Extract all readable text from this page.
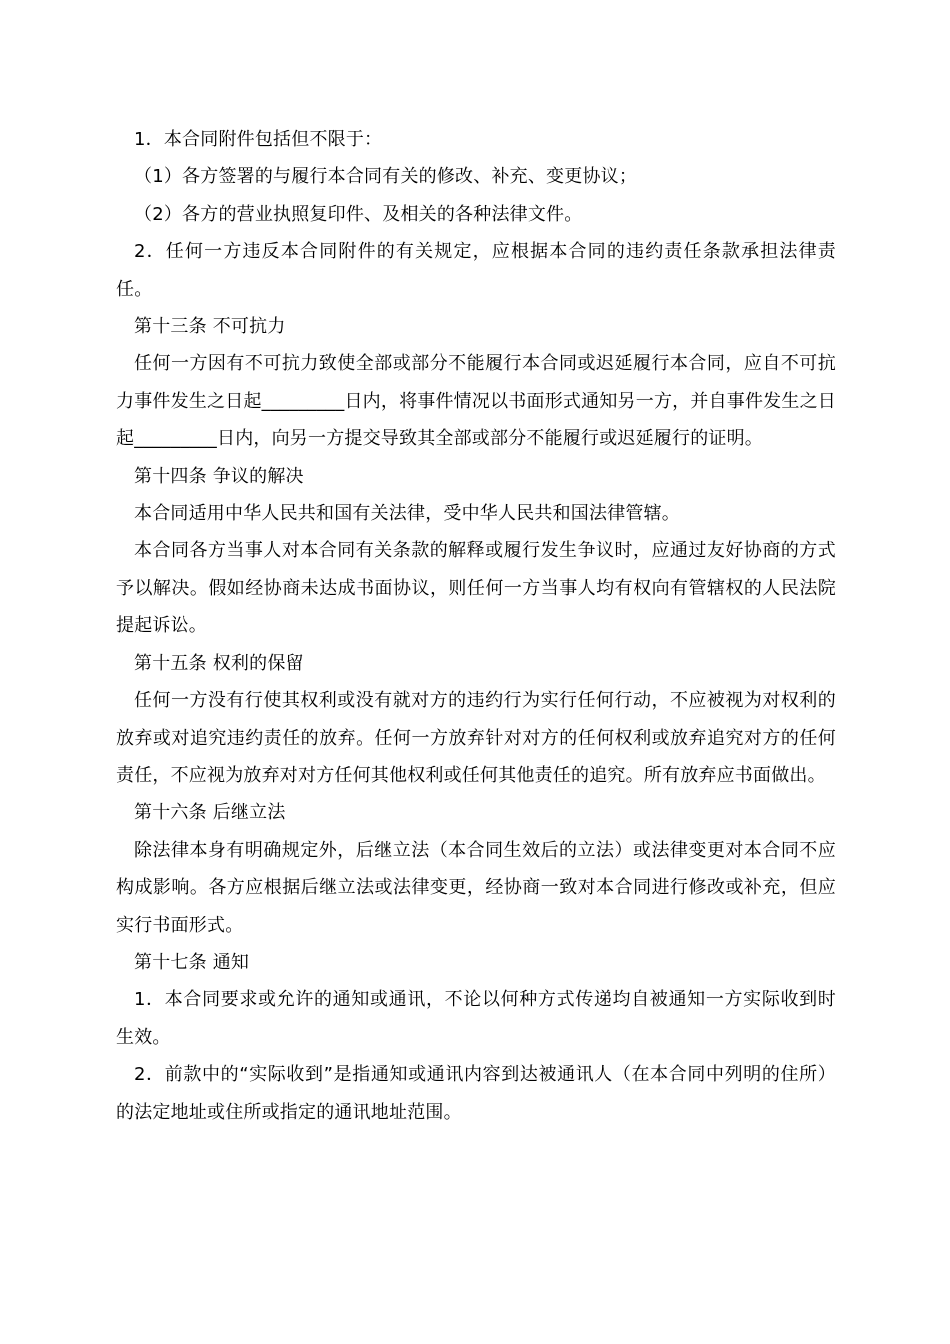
1．本合同附件包括但不限于：

（1）各方签署的与履行本合同有关的修改、补充、变更协议；

（2）各方的营业执照复印件、及相关的各种法律文件。

2．任何一方违反本合同附件的有关规定，应根据本合同的违约责任条款承担法律责任。

第十三条 不可抗力

任何一方因有不可抗力致使全部或部分不能履行本合同或迟延履行本合同，应自不可抗力事件发生之日起_________日内，将事件情况以书面形式通知另一方，并自事件发生之日起_________日内，向另一方提交导致其全部或部分不能履行或迟延履行的证明。

第十四条 争议的解决

本合同适用中华人民共和国有关法律，受中华人民共和国法律管辖。

本合同各方当事人对本合同有关条款的解释或履行发生争议时，应通过友好协商的方式予以解决。假如经协商未达成书面协议，则任何一方当事人均有权向有管辖权的人民法院提起诉讼。

第十五条 权利的保留

任何一方没有行使其权利或没有就对方的违约行为实行任何行动，不应被视为对权利的放弃或对追究违约责任的放弃。任何一方放弃针对对方的任何权利或放弃追究对方的任何责任，不应视为放弃对对方任何其他权利或任何其他责任的追究。所有放弃应书面做出。

第十六条 后继立法

除法律本身有明确规定外，后继立法（本合同生效后的立法）或法律变更对本合同不应构成影响。各方应根据后继立法或法律变更，经协商一致对本合同进行修改或补充，但应实行书面形式。

第十七条 通知

1．本合同要求或允许的通知或通讯，不论以何种方式传递均自被通知一方实际收到时生效。

2．前款中的“实际收到”是指通知或通讯内容到达被通讯人（在本合同中列明的住所）的法定地址或住所或指定的通讯地址范围。
